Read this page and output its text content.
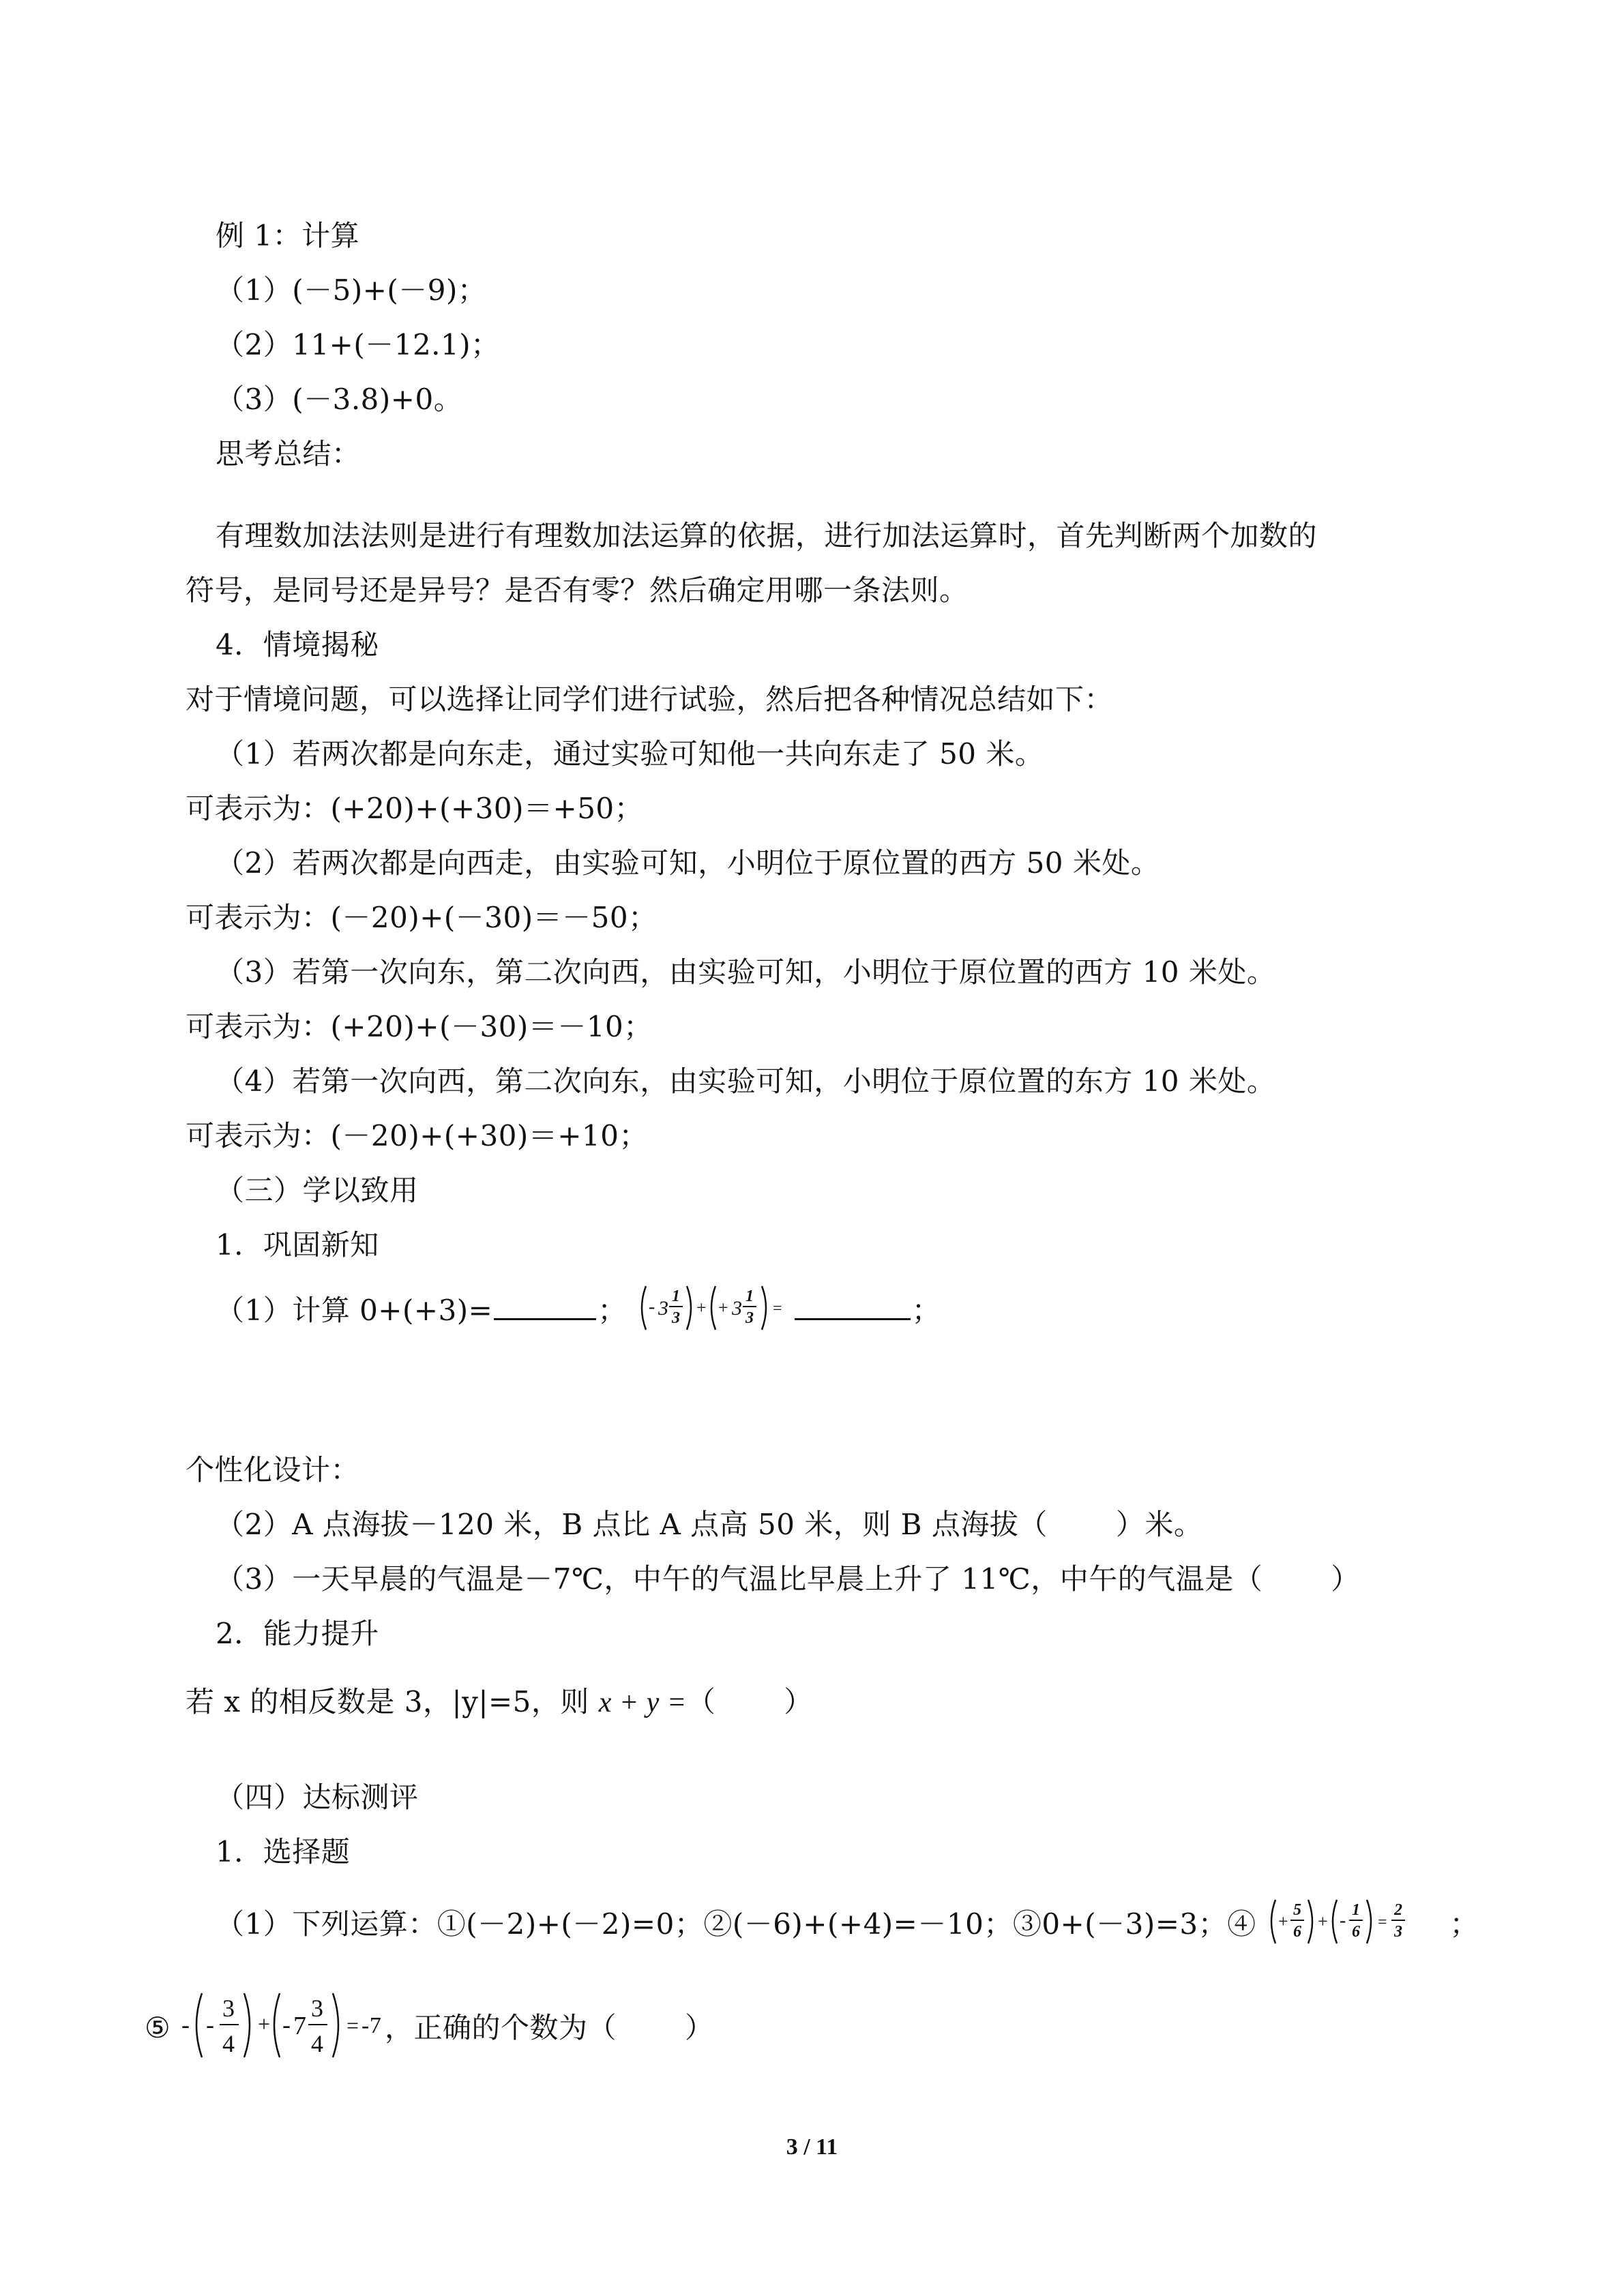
例 1：计算
（1）(－5)+(－9)；
（2）11+(－12.1)；
（3）(－3.8)+0。
思考总结：
有理数加法法则是进行有理数加法运算的依据，进行加法运算时，首先判断两个加数的
符号，是同号还是异号？是否有零？然后确定用哪一条法则。
4．情境揭秘
对于情境问题，可以选择让同学们进行试验，然后把各种情况总结如下：
（1）若两次都是向东走，通过实验可知他一共向东走了 50 米。
可表示为：(+20)+(+30)＝+50；
（2）若两次都是向西走，由实验可知，小明位于原位置的西方 50 米处。
可表示为：(－20)+(－30)＝－50；
（3）若第一次向东，第二次向西，由实验可知，小明位于原位置的西方 10 米处。
可表示为：(+20)+(－30)＝－10；
（4）若第一次向西，第二次向东，由实验可知，小明位于原位置的东方 10 米处。
可表示为：(－20)+(+30)＝+10；
（三）学以致用
1．巩固新知
（1）计算 0+(+3)=	； - 3
1
3
+ + 3
1
3
=	；
个性化设计：
（2）A 点海拔－120 米，B 点比 A 点高 50 米，则 B 点海拔（ ）米。
（3）一天早晨的气温是－7℃，中午的气温比早晨上升了 11℃，中午的气温是（ ）
2．能力提升
若 x 的相反数是 3，|y|=5，则 x + y =（ ）
（四）达标测评
1．选择题
（1）下列运算：①(－2)+(－2)=0；②(－6)+(+4)=－10；③0+(－3)=3；④ +
5
6
+ - 1
6
=
2
3 ；
⑤ - -
3
4
+ - 7
3
4
= -7 ，正确的个数为（ ）
3 / 11
